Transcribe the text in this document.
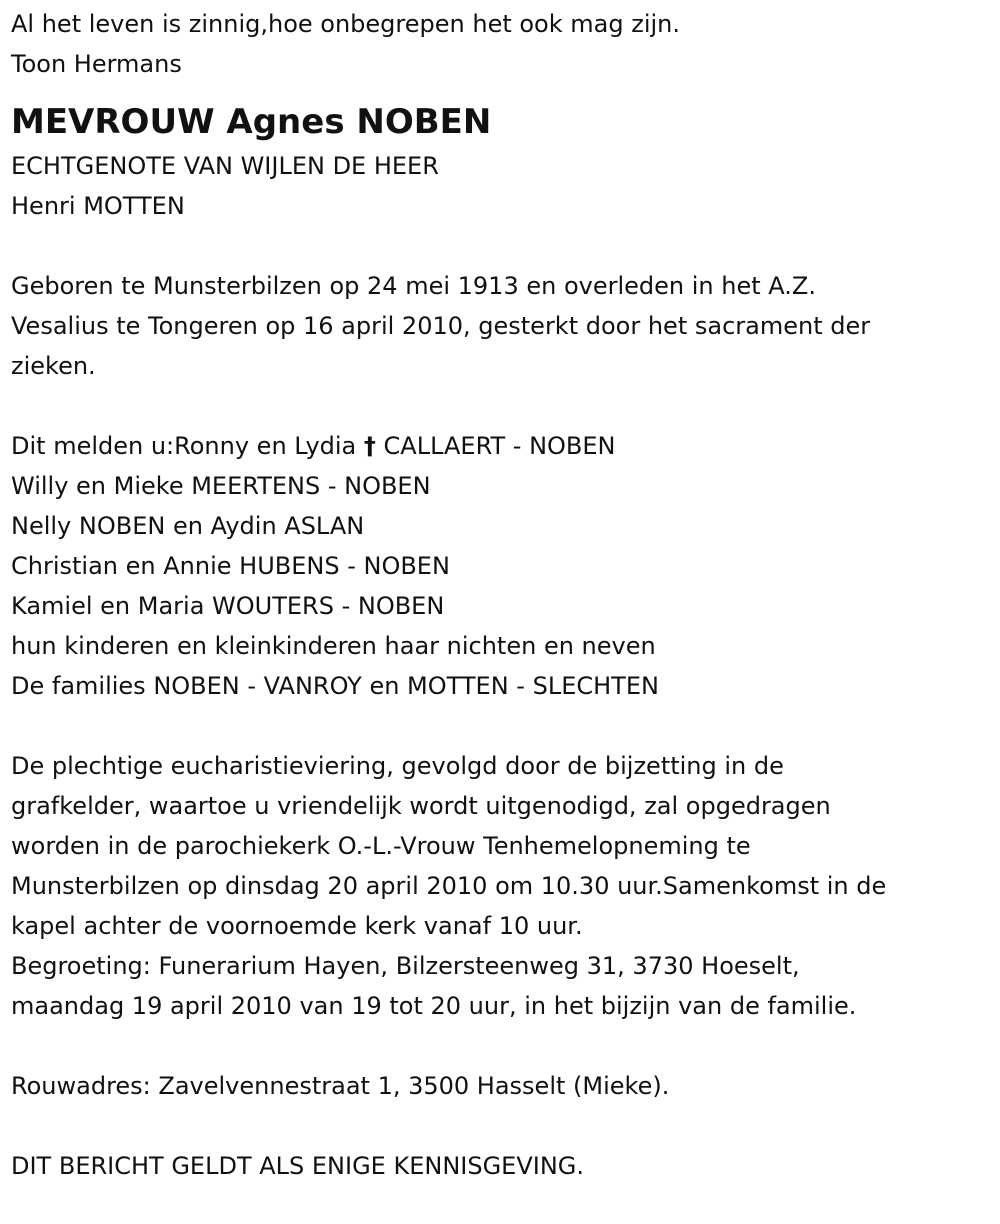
Al het leven is zinnig,hoe onbegrepen het ook mag zijn.
Toon Hermans
MEVROUW Agnes NOBEN
ECHTGENOTE VAN WIJLEN DE HEER
Henri MOTTEN
Geboren te Munsterbilzen op 24 mei 1913 en overleden in het A.Z.
Vesalius te Tongeren op 16 april 2010, gesterkt door het sacrament der
zieken.
Dit melden u:Ronny en Lydia † CALLAERT - NOBEN
Willy en Mieke MEERTENS - NOBEN
Nelly NOBEN en Aydin ASLAN
Christian en Annie HUBENS - NOBEN
Kamiel en Maria WOUTERS - NOBEN
hun kinderen en kleinkinderen haar nichten en neven
De families NOBEN - VANROY en MOTTEN - SLECHTEN
De plechtige eucharistieviering, gevolgd door de bijzetting in de
grafkelder, waartoe u vriendelijk wordt uitgenodigd, zal opgedragen
worden in de parochiekerk O.-L.-Vrouw Tenhemelopneming te
Munsterbilzen op dinsdag 20 april 2010 om 10.30 uur.Samenkomst in de
kapel achter de voornoemde kerk vanaf 10 uur.
Begroeting: Funerarium Hayen, Bilzersteenweg 31, 3730 Hoeselt,
maandag 19 april 2010 van 19 tot 20 uur, in het bijzijn van de familie.
Rouwadres: Zavelvennestraat 1, 3500 Hasselt (Mieke).
DIT BERICHT GELDT ALS ENIGE KENNISGEVING.
